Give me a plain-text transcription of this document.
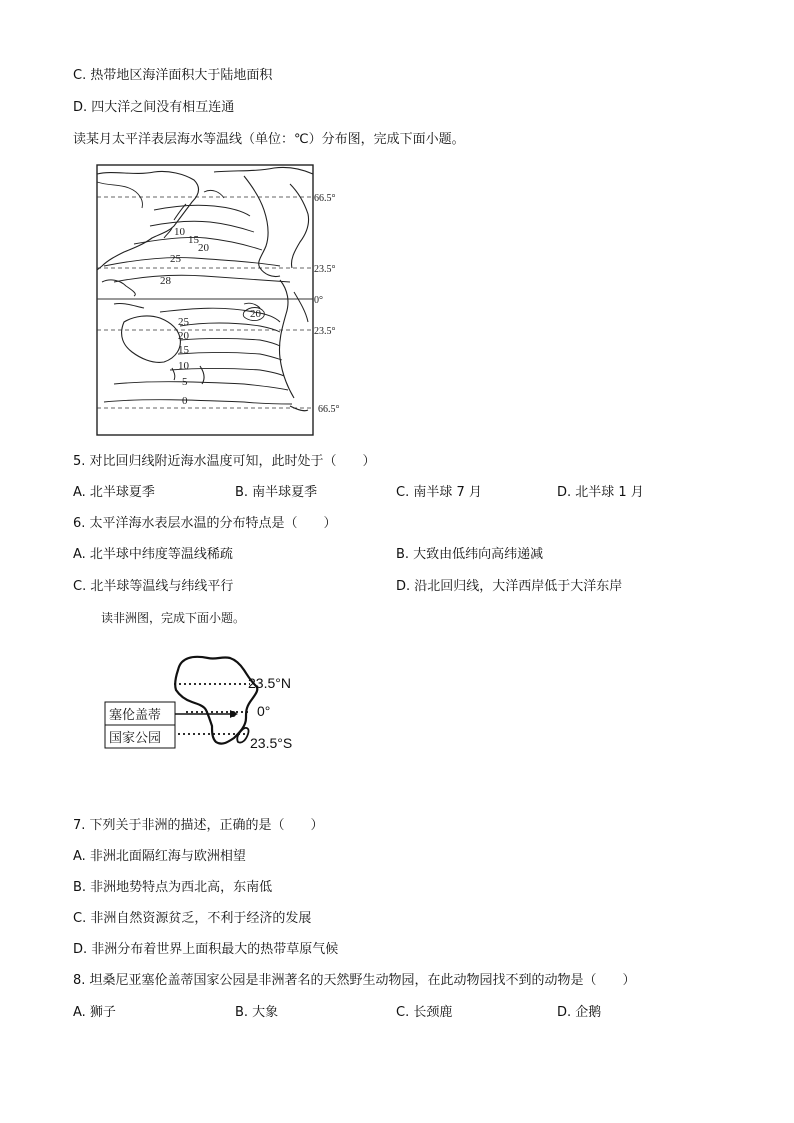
C. 热带地区海洋面积大于陆地面积
D. 四大洋之间没有相互连通
读某月太平洋表层海水等温线（单位：℃）分布图，完成下面小题。
66.5°
23.5°
0°
23.5°
66.5°
10
15
20
25
28
20
25
20
15
10
5
0
5. 对比回归线附近海水温度可知，此时处于（　　）
A. 北半球夏季	B. 南半球夏季	C. 南半球 7 月	D. 北半球 1 月
6. 太平洋海水表层水温的分布特点是（　　）
A. 北半球中纬度等温线稀疏	B. 大致由低纬向高纬递减
C. 北半球等温线与纬线平行	D. 沿北回归线，大洋西岸低于大洋东岸
读非洲图，完成下面小题。
塞伦盖蒂
国家公园
23.5°N
0°
23.5°S
7. 下列关于非洲的描述，正确的是（　　）
A. 非洲北面隔红海与欧洲相望
B. 非洲地势特点为西北高，东南低
C. 非洲自然资源贫乏，不利于经济的发展
D. 非洲分布着世界上面积最大的热带草原气候
8. 坦桑尼亚塞伦盖蒂国家公园是非洲著名的天然野生动物园，在此动物园找不到的动物是（　　）
A. 狮子	B. 大象	C. 长颈鹿	D. 企鹅
